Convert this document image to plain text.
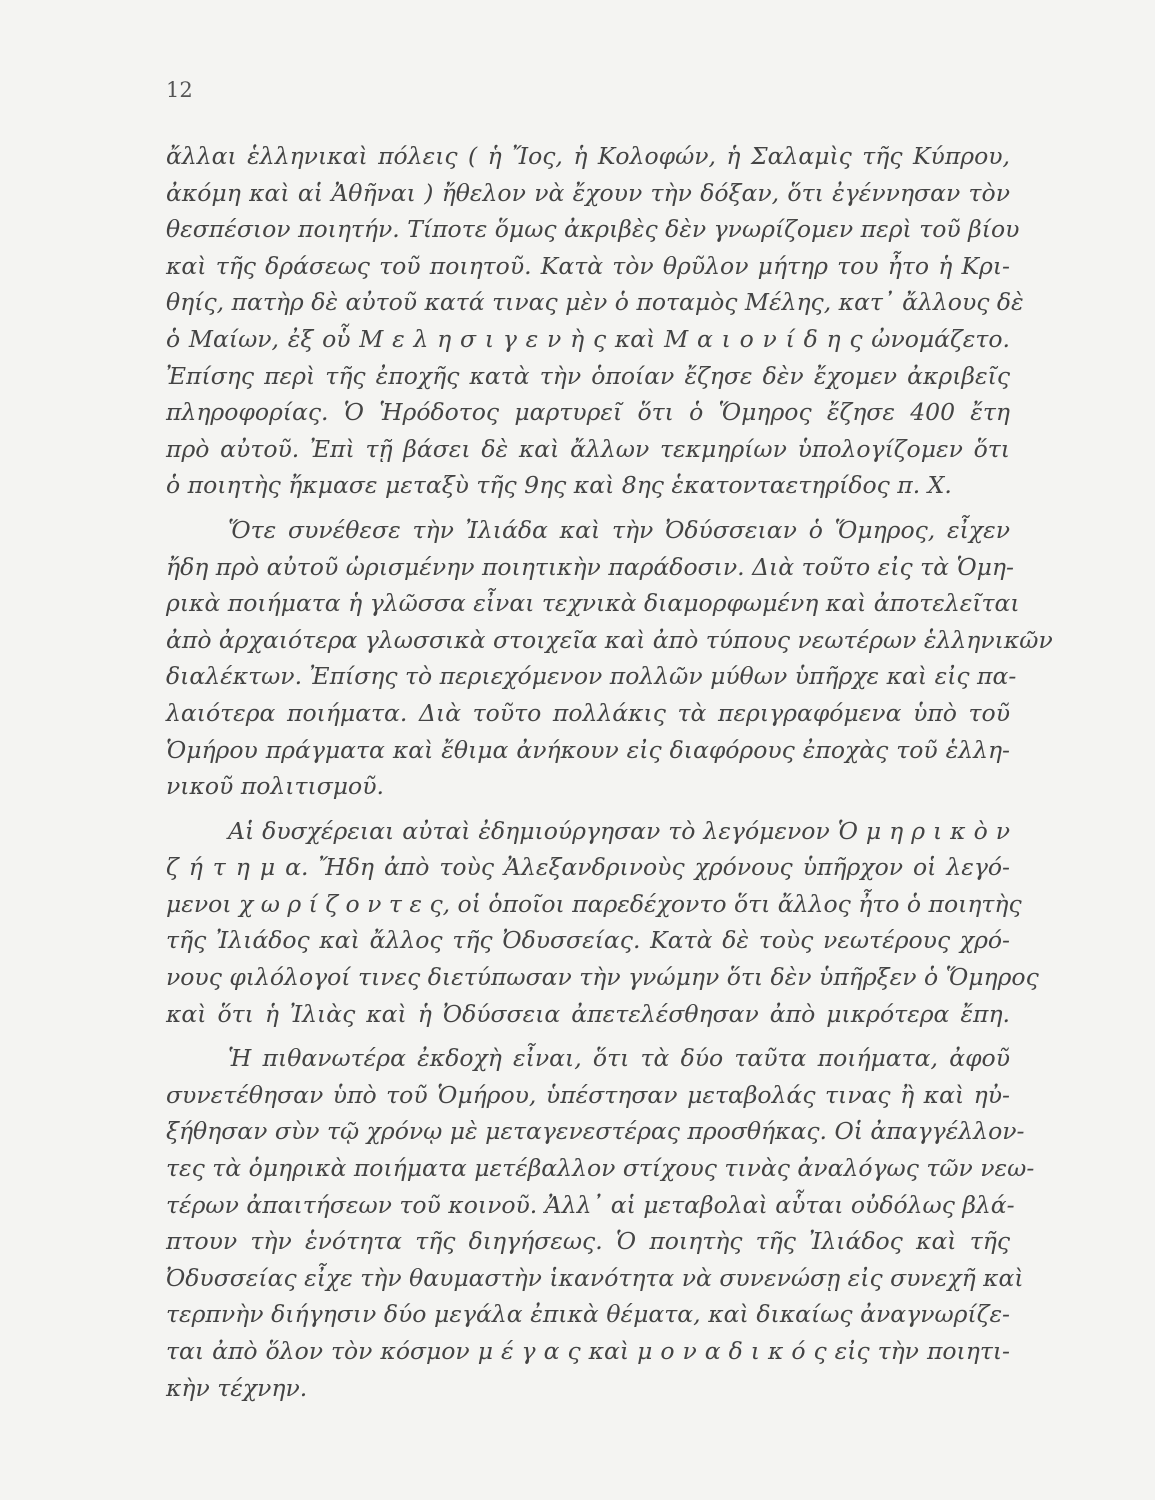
12
ἄλλαι ἑλληνικαὶ πόλεις ( ἡ Ἴος, ἡ Κολοφών, ἡ Σαλαμὶς τῆς Κύπρου,
ἀκόμη καὶ αἱ Ἀθῆναι ) ἤθελον νὰ ἔχουν τὴν δόξαν, ὅτι ἐγέννησαν τὸν
θεσπέσιον ποιητήν. Τίποτε ὅμως ἀκριβὲς δὲν γνωρίζομεν περὶ τοῦ βίου
καὶ τῆς δράσεως τοῦ ποιητοῦ. Κατὰ τὸν θρῦλον μήτηρ του ἦτο ἡ Κρι-
θηίς, πατὴρ δὲ αὐτοῦ κατά τινας μὲν ὁ ποταμὸς Μέλης, κατ᾽ ἄλλους δὲ
ὁ Μαίων, ἐξ οὗ Μ ε λ η σ ι γ ε ν ὴ ς καὶ Μ α ι ο ν ί δ η ς ὠνομάζετο.
Ἐπίσης περὶ τῆς ἐποχῆς κατὰ τὴν ὁποίαν ἔζησε δὲν ἔχομεν ἀκριβεῖς
πληροφορίας. Ὁ Ἡρόδοτος μαρτυρεῖ ὅτι ὁ Ὅμηρος ἔζησε 400 ἔτη
πρὸ αὐτοῦ. Ἐπὶ τῇ βάσει δὲ καὶ ἄλλων τεκμηρίων ὑπολογίζομεν ὅτι
ὁ ποιητὴς ἤκμασε μεταξὺ τῆς 9ης καὶ 8ης ἑκατονταετηρίδος π. Χ.
Ὅτε συνέθεσε τὴν Ἰλιάδα καὶ τὴν Ὀδύσσειαν ὁ Ὅμηρος, εἶχεν
ἤδη πρὸ αὐτοῦ ὡρισμένην ποιητικὴν παράδοσιν. Διὰ τοῦτο εἰς τὰ Ὁμη-
ρικὰ ποιήματα ἡ γλῶσσα εἶναι τεχνικὰ διαμορφωμένη καὶ ἀποτελεῖται
ἀπὸ ἀρχαιότερα γλωσσικὰ στοιχεῖα καὶ ἀπὸ τύπους νεωτέρων ἑλληνικῶν
διαλέκτων. Ἐπίσης τὸ περιεχόμενον πολλῶν μύθων ὑπῆρχε καὶ εἰς πα-
λαιότερα ποιήματα. Διὰ τοῦτο πολλάκις τὰ περιγραφόμενα ὑπὸ τοῦ
Ὁμήρου πράγματα καὶ ἔθιμα ἀνήκουν εἰς διαφόρους ἐποχὰς τοῦ ἑλλη-
νικοῦ πολιτισμοῦ.
Αἱ δυσχέρειαι αὐταὶ ἐδημιούργησαν τὸ λεγόμενον Ὁ μ η ρ ι κ ὸ ν
ζ ή τ η μ α. Ἤδη ἀπὸ τοὺς Ἀλεξανδρινοὺς χρόνους ὑπῆρχον οἱ λεγό-
μενοι χ ω ρ ί ζ ο ν τ ε ς, οἱ ὁποῖοι παρεδέχοντο ὅτι ἄλλος ἦτο ὁ ποιητὴς
τῆς Ἰλιάδος καὶ ἄλλος τῆς Ὀδυσσείας. Κατὰ δὲ τοὺς νεωτέρους χρό-
νους φιλόλογοί τινες διετύπωσαν τὴν γνώμην ὅτι δὲν ὑπῆρξεν ὁ Ὅμηρος
καὶ ὅτι ἡ Ἰλιὰς καὶ ἡ Ὀδύσσεια ἀπετελέσθησαν ἀπὸ μικρότερα ἔπη.
Ἡ πιθανωτέρα ἐκδοχὴ εἶναι, ὅτι τὰ δύο ταῦτα ποιήματα, ἀφοῦ
συνετέθησαν ὑπὸ τοῦ Ὁμήρου, ὑπέστησαν μεταβολάς τινας ἢ καὶ ηὐ-
ξήθησαν σὺν τῷ χρόνῳ μὲ μεταγενεστέρας προσθήκας. Οἱ ἀπαγγέλλον-
τες τὰ ὁμηρικὰ ποιήματα μετέβαλλον στίχους τινὰς ἀναλόγως τῶν νεω-
τέρων ἀπαιτήσεων τοῦ κοινοῦ. Ἀλλ᾽ αἱ μεταβολαὶ αὗται οὐδόλως βλά-
πτουν τὴν ἑνότητα τῆς διηγήσεως. Ὁ ποιητὴς τῆς Ἰλιάδος καὶ τῆς
Ὀδυσσείας εἶχε τὴν θαυμαστὴν ἱκανότητα νὰ συνενώσῃ εἰς συνεχῆ καὶ
τερπνὴν διήγησιν δύο μεγάλα ἐπικὰ θέματα, καὶ δικαίως ἀναγνωρίζε-
ται ἀπὸ ὅλον τὸν κόσμον μ έ γ α ς καὶ μ ο ν α δ ι κ ό ς εἰς τὴν ποιητι-
κὴν τέχνην.
